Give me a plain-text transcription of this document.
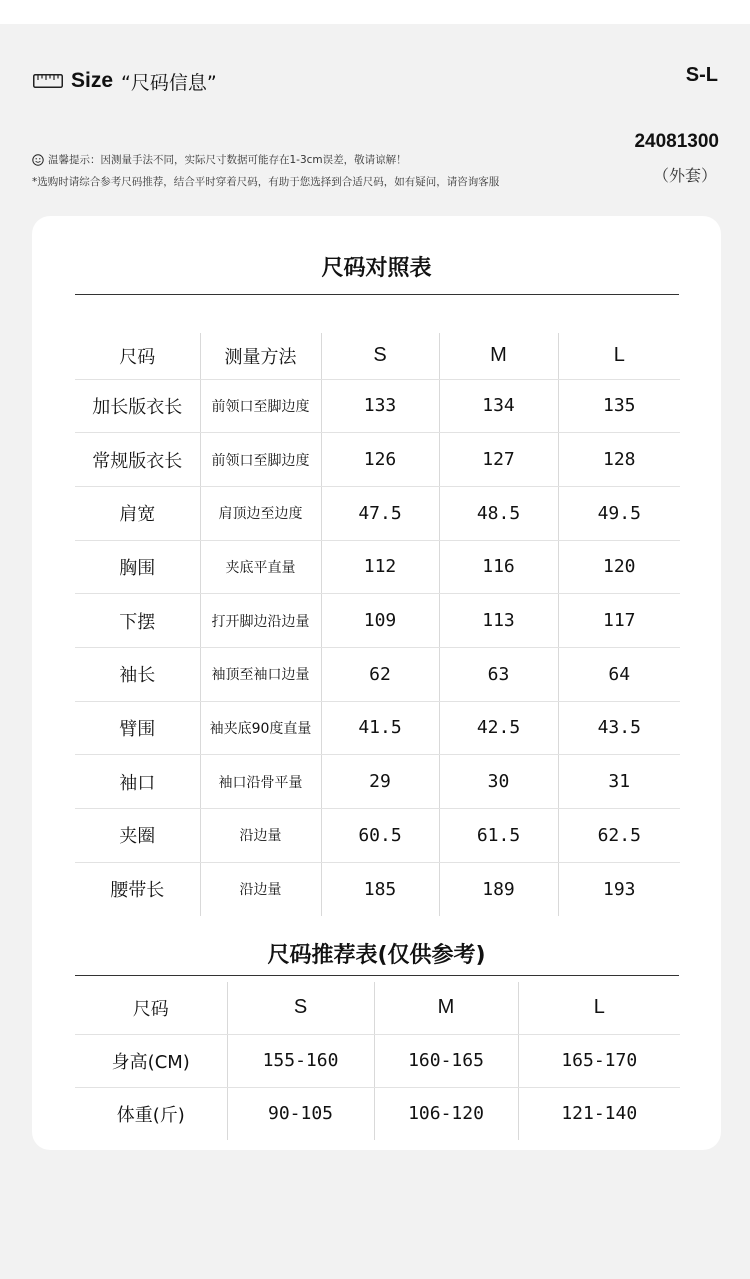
Size “尺码信息”	S-L
温馨提示：因测量手法不同，实际尺寸数据可能存在1-3cm误差，敬请谅解！
*选购时请综合参考尺码推荐，结合平时穿着尺码，有助于您选择到合适尺码，如有疑问，请咨询客服
24081300
（外套）
尺码对照表
尺码	测量方法	S	M	L
加长版衣长	前领口至脚边度	133	134	135
常规版衣长	前领口至脚边度	126	127	128
肩宽	肩顶边至边度	47.5	48.5	49.5
胸围	夹底平直量	112	116	120
下摆	打开脚边沿边量	109	113	117
袖长	袖顶至袖口边量	62	63	64
臂围	袖夹底90度直量	41.5	42.5	43.5
袖口	袖口沿骨平量	29	30	31
夹圈	沿边量	60.5	61.5	62.5
腰带长	沿边量	185	189	193
尺码推荐表(仅供参考)
尺码	S	M	L
身高(CM)	155-160	160-165	165-170
体重(斤)	90-105	106-120	121-140
